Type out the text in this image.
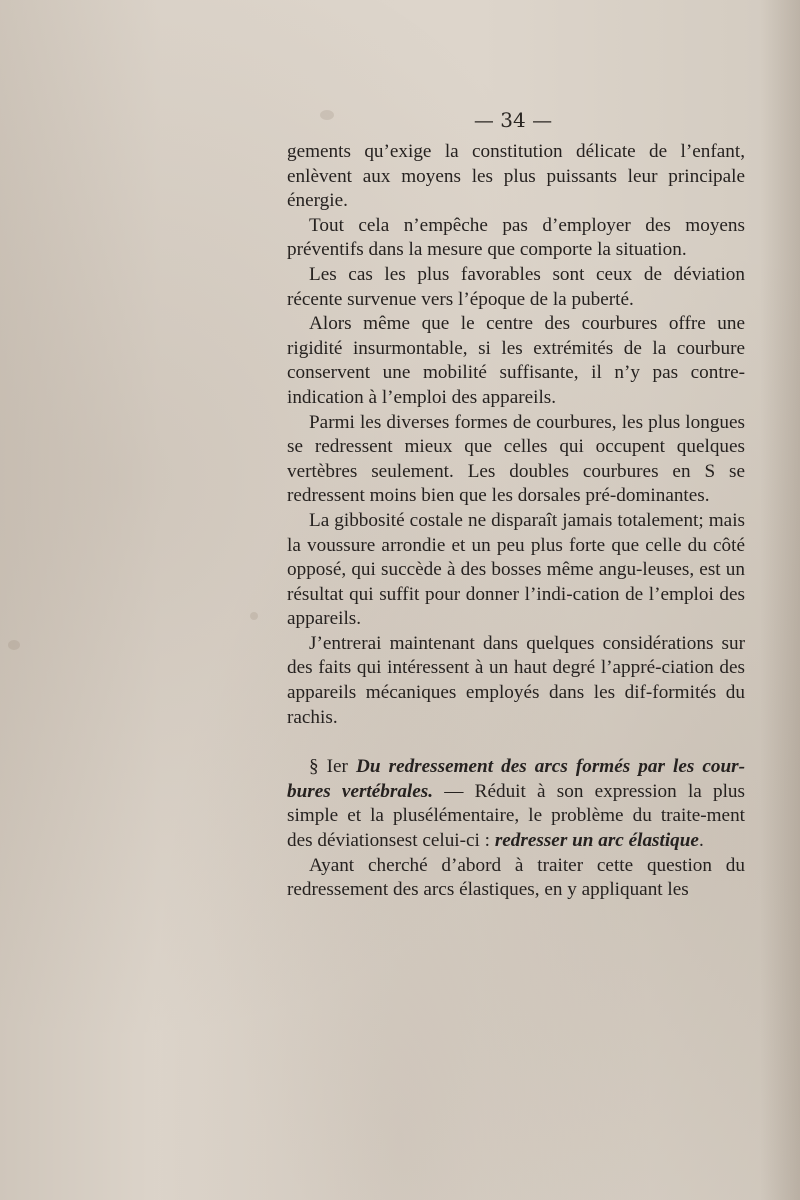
— 34 —

gements qu’exige la constitution délicate de l’enfant, enlèvent aux moyens les plus puissants leur principale énergie.

Tout cela n’empêche pas d’employer des moyens préventifs dans la mesure que comporte la situation.

Les cas les plus favorables sont ceux de déviation récente survenue vers l’époque de la puberté.

Alors même que le centre des courbures offre une rigidité insurmontable, si les extrémités de la courbure conservent une mobilité suffisante, il n’y pas contre-indication à l’emploi des appareils.

Parmi les diverses formes de courbures, les plus longues se redressent mieux que celles qui occupent quelques vertèbres seulement. Les doubles courbures en S se redressent moins bien que les dorsales pré-dominantes.

La gibbosité costale ne disparaît jamais totalement; mais la voussure arrondie et un peu plus forte que celle du côté opposé, qui succède à des bosses même angu-leuses, est un résultat qui suffit pour donner l’indi-cation de l’emploi des appareils.

J’entrerai maintenant dans quelques considérations sur des faits qui intéressent à un haut degré l’appré-ciation des appareils mécaniques employés dans les dif-formités du rachis.

§ Ier Du redressement des arcs formés par les cour-bures vertébrales. — Réduit à son expression la plus simple et la plusélémentaire, le problème du traite-ment des déviationsest celui-ci : redresser un arc élastique.

Ayant cherché d’abord à traiter cette question du redressement des arcs élastiques, en y appliquant les
